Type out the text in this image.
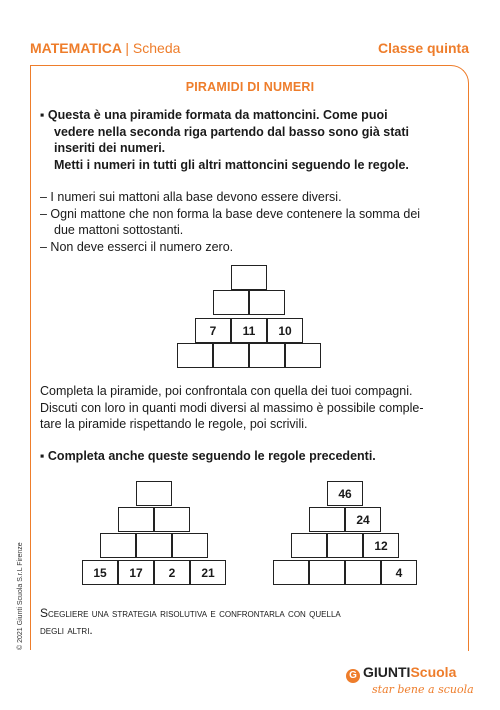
MATEMATICA | Scheda	Classe quinta
PIRAMIDI DI NUMERI

▪ Questa è una piramide formata da mattoncini. Come puoi

vedere nella seconda riga partendo dal basso sono già stati

inseriti dei numeri.

Metti i numeri in tutti gli altri mattoncini seguendo le regole.

– I numeri sui mattoni alla base devono essere diversi.

– Ogni mattone che non forma la base deve contenere la somma dei

due mattoni sottostanti.

– Non deve esserci il numero zero.

7	11	10

Completa la piramide, poi confrontala con quella dei tuoi compagni.

Discuti con loro in quanti modi diversi al massimo è possibile comple-

tare la piramide rispettando le regole, poi scrivili.

▪ Completa anche queste seguendo le regole precedenti.
15	17	2	21
46
24
12
4

Scegliere una strategia risolutiva e confrontarla con quella

degli altri.

© 2021 Giunti Scuola S.r.L Firenze
G GIUNTIScuola
star bene a scuola
